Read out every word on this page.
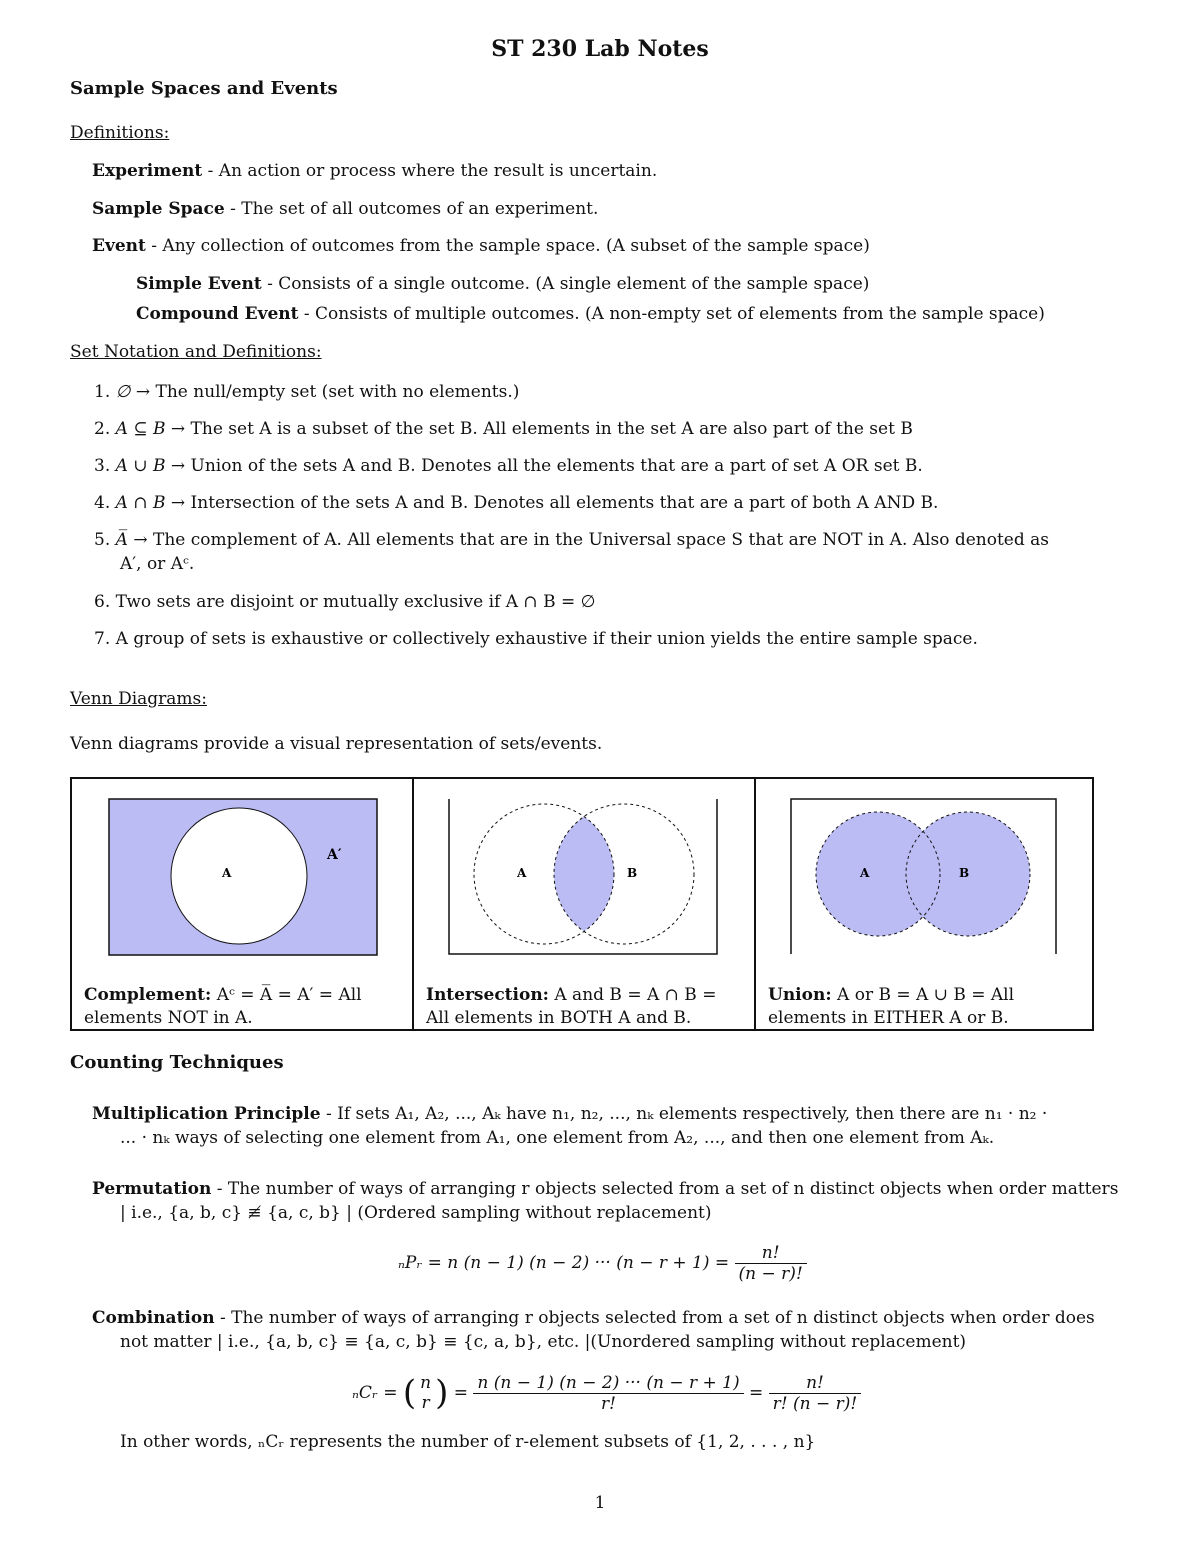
ST 230 Lab Notes
Sample Spaces and Events
Definitions:
Experiment - An action or process where the result is uncertain.
Sample Space - The set of all outcomes of an experiment.
Event - Any collection of outcomes from the sample space. (A subset of the sample space)
Simple Event - Consists of a single outcome. (A single element of the sample space)
Compound Event - Consists of multiple outcomes. (A non-empty set of elements from the sample space)
Set Notation and Definitions:
1. ∅ → The null/empty set (set with no elements.)
2. A ⊆ B → The set A is a subset of the set B. All elements in the set A are also part of the set B
3. A ∪ B → Union of the sets A and B. Denotes all the elements that are a part of set A OR set B.
4. A ∩ B → Intersection of the sets A and B. Denotes all elements that are a part of both A AND B.
5. A̅ → The complement of A. All elements that are in the Universal space S that are NOT in A. Also denoted as
A′, or Aᶜ.
6. Two sets are disjoint or mutually exclusive if A ∩ B = ∅
7. A group of sets is exhaustive or collectively exhaustive if their union yields the entire sample space.
Venn Diagrams:
Venn diagrams provide a visual representation of sets/events.
A
A′
Complement: Aᶜ = A̅ = A′ = All elements NOT in A.
A	B
Intersection: A and B = A ∩ B = All elements in BOTH A and B.
A	B
Union: A or B = A ∪ B = All elements in EITHER A or B.
Counting Techniques
Multiplication Principle - If sets A₁, A₂, ..., Aₖ have n₁, n₂, ..., nₖ elements respectively, then there are n₁ · n₂ ·
... · nₖ ways of selecting one element from A₁, one element from A₂, ..., and then one element from Aₖ.
Permutation - The number of ways of arranging r objects selected from a set of n distinct objects when order matters
| i.e., {a, b, c} ≢ {a, c, b} | (Ordered sampling without replacement)
ₙPᵣ = n (n − 1) (n − 2) ··· (n − r + 1) =
$\frac{n!}{(n - r)!}$
Combination - The number of ways of arranging r objects selected from a set of n distinct objects when order does
not matter | i.e., {a, b, c} ≡ {a, c, b} ≡ {c, a, b}, etc. |(Unordered sampling without replacement)
ₙCᵣ =
( n
r ) = $\frac{n (n - 1) (n - 2) \cdot\cdot\cdot (n - r + 1)}{r!} = \frac{n!}{r! (n - r)!}$
In other words, ₙCᵣ represents the number of r-element subsets of {1, 2, . . . , n}
1
